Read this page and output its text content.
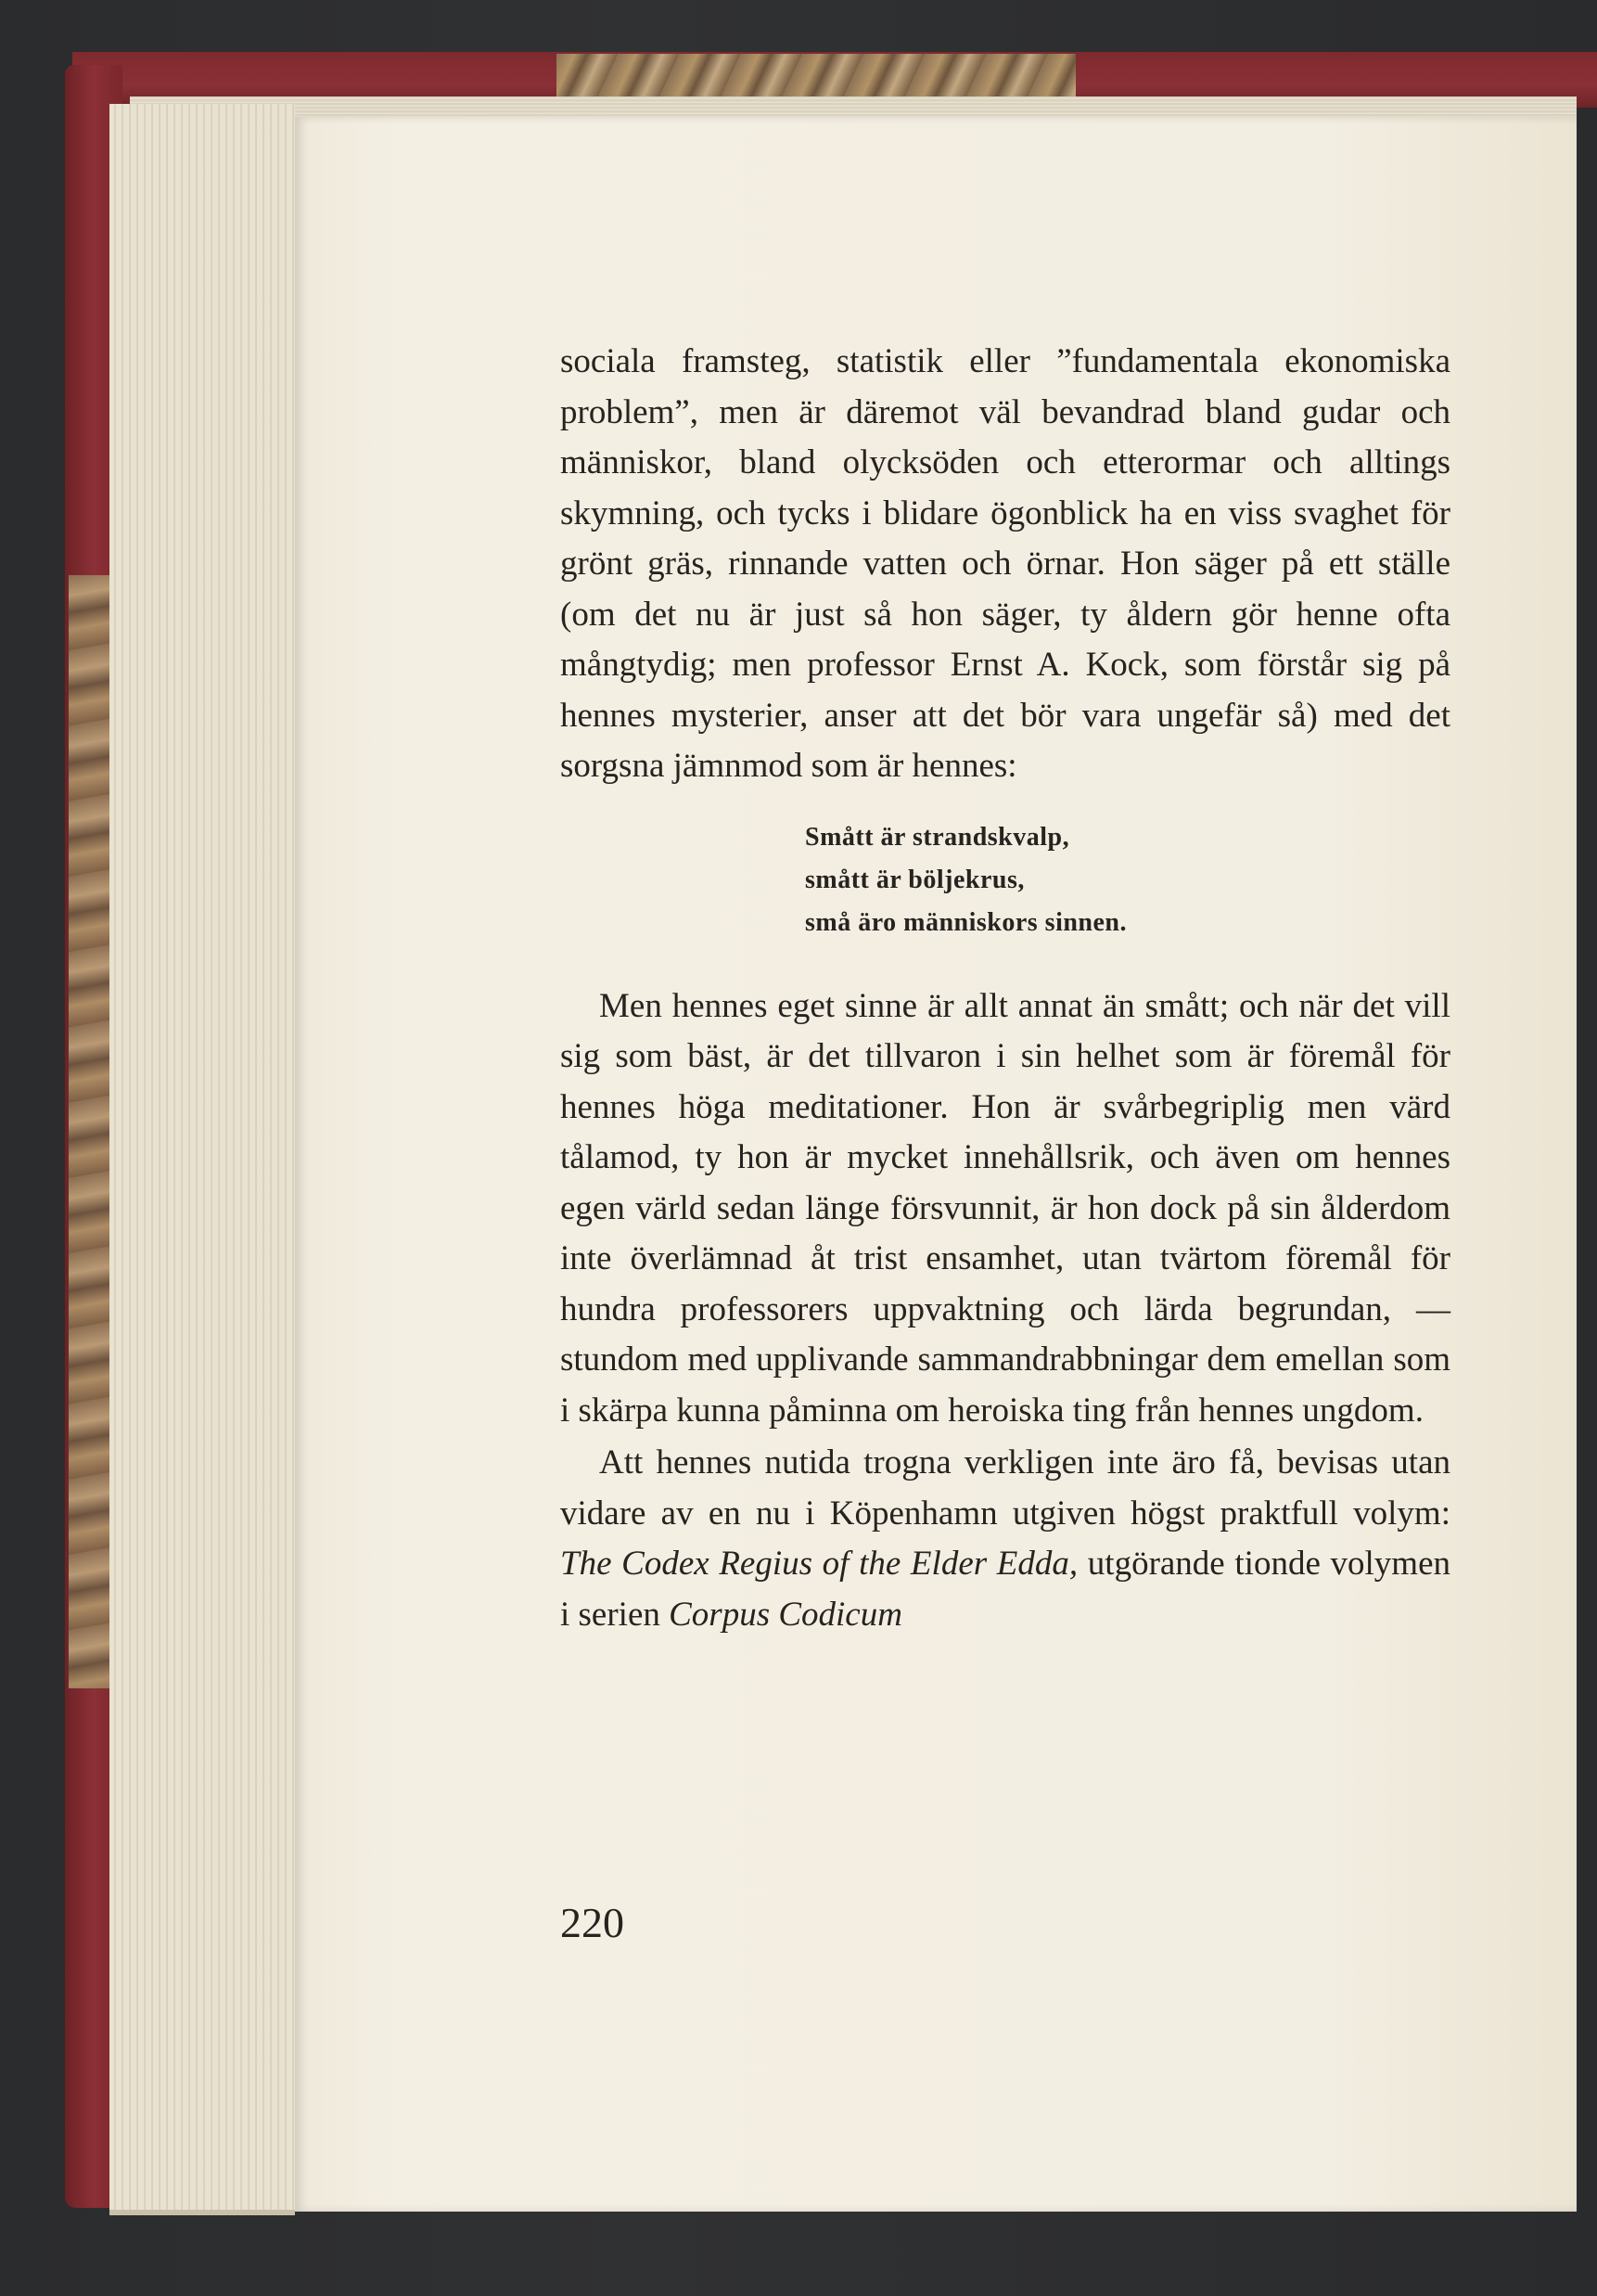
sociala framsteg, statistik eller ”fundamentala ekonomiska problem”, men är däremot väl bevandrad bland gudar och människor, bland olycksöden och etterormar och alltings skymning, och tycks i blidare ögonblick ha en viss svaghet för grönt gräs, rinnande vatten och örnar. Hon säger på ett ställe (om det nu är just så hon säger, ty åldern gör henne ofta mångtydig; men professor Ernst A. Kock, som förstår sig på hennes mysterier, anser att det bör vara ungefär så) med det sorgsna jämnmod som är hennes:

Smått är strandskvalp,
smått är böljekrus,
små äro människors sinnen.

Men hennes eget sinne är allt annat än smått; och när det vill sig som bäst, är det tillvaron i sin helhet som är föremål för hennes höga meditationer. Hon är svårbegriplig men värd tålamod, ty hon är mycket innehållsrik, och även om hennes egen värld sedan länge försvunnit, är hon dock på sin ålderdom inte överlämnad åt trist ensamhet, utan tvärtom föremål för hundra professorers uppvaktning och lärda begrundan, — stundom med upplivande sammandrabbningar dem emellan som i skärpa kunna påminna om heroiska ting från hennes ungdom.

Att hennes nutida trogna verkligen inte äro få, bevisas utan vidare av en nu i Köpenhamn utgiven högst praktfull volym: The Codex Regius of the Elder Edda, utgörande tionde volymen i serien Corpus Codicum

220
